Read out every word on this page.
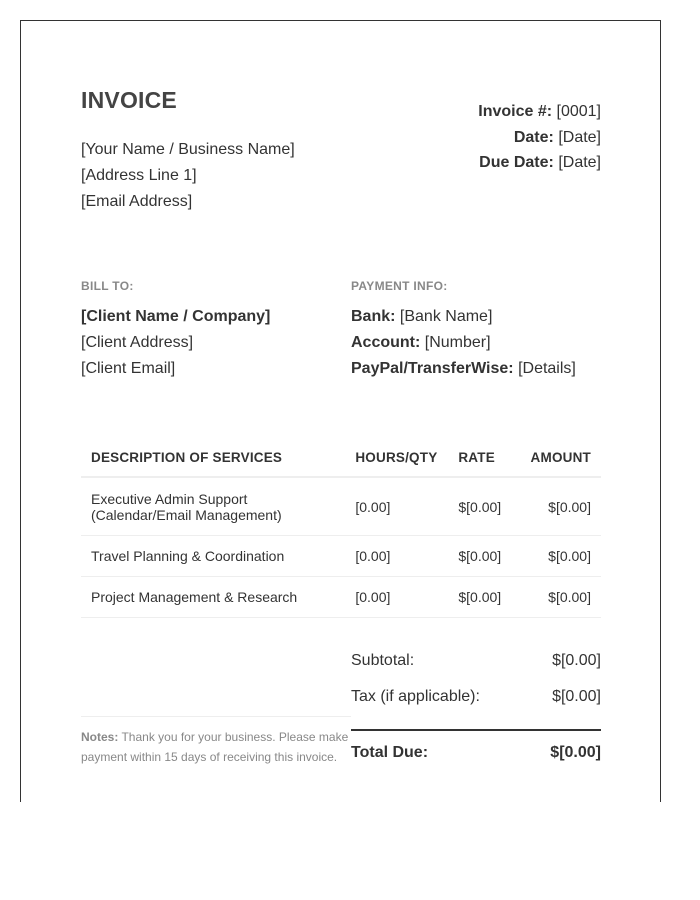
INVOICE
[Your Name / Business Name]
[Address Line 1]
[Email Address]
Invoice #: [0001]
Date: [Date]
Due Date: [Date]
BILL TO:
[Client Name / Company]
[Client Address]
[Client Email]
PAYMENT INFO:
Bank: [Bank Name]
Account: [Number]
PayPal/TransferWise: [Details]
DESCRIPTION OF SERVICES	HOURS/QTY	RATE	AMOUNT

Executive Admin Support
(Calendar/Email Management)	[0.00]	$[0.00]	$[0.00]
Travel Planning & Coordination	[0.00]	$[0.00]	$[0.00]
Project Management & Research	[0.00]	$[0.00]	$[0.00]
Subtotal:	$[0.00]
Tax (if applicable):	$[0.00]
Total Due:	$[0.00]
Notes: Thank you for your business. Please make payment within 15 days of receiving this invoice.
